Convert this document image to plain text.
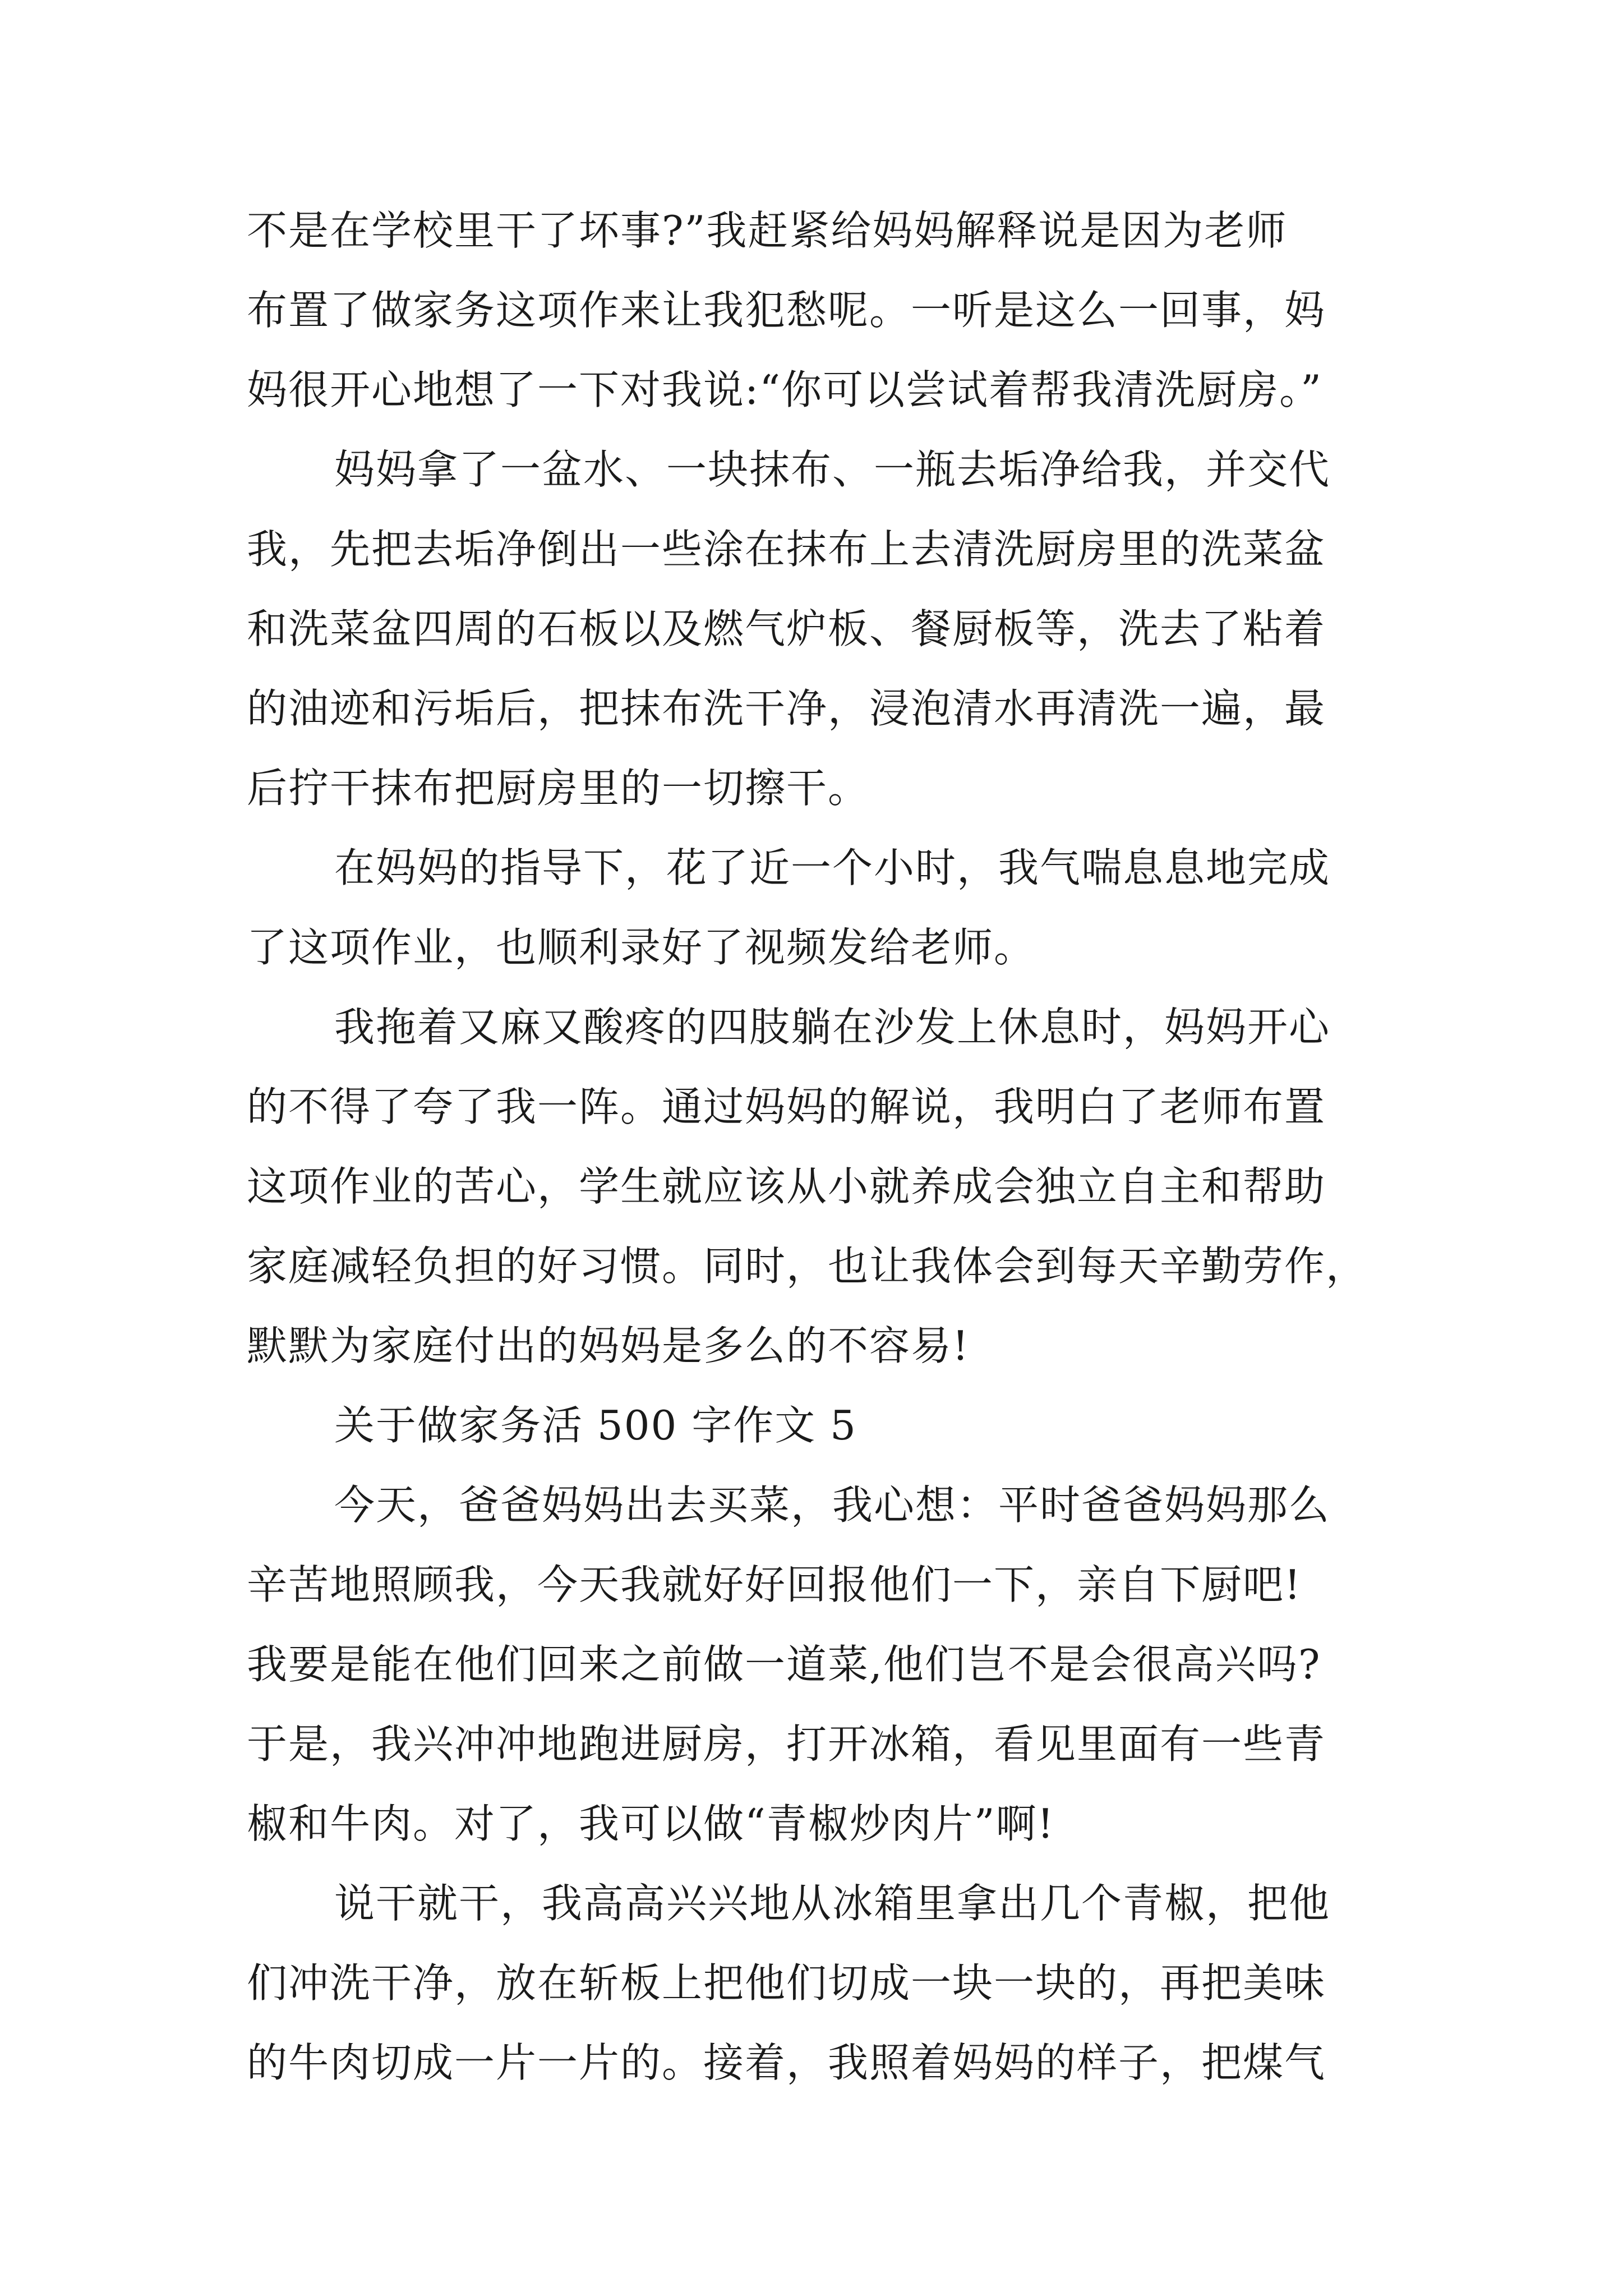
不是在学校里干了坏事?”我赶紧给妈妈解释说是因为老师
布置了做家务这项作来让我犯愁呢。一听是这么一回事，妈
妈很开心地想了一下对我说:“你可以尝试着帮我清洗厨房。”
妈妈拿了一盆水、一块抹布、一瓶去垢净给我，并交代
我，先把去垢净倒出一些涂在抹布上去清洗厨房里的洗菜盆
和洗菜盆四周的石板以及燃气炉板、餐厨板等，洗去了粘着
的油迹和污垢后，把抹布洗干净，浸泡清水再清洗一遍，最
后拧干抹布把厨房里的一切擦干。
在妈妈的指导下，花了近一个小时，我气喘息息地完成
了这项作业，也顺利录好了视频发给老师。
我拖着又麻又酸疼的四肢躺在沙发上休息时，妈妈开心
的不得了夸了我一阵。通过妈妈的解说，我明白了老师布置
这项作业的苦心，学生就应该从小就养成会独立自主和帮助
家庭减轻负担的好习惯。同时，也让我体会到每天辛勤劳作，
默默为家庭付出的妈妈是多么的不容易!
关于做家务活 500 字作文 5
今天，爸爸妈妈出去买菜，我心想：平时爸爸妈妈那么
辛苦地照顾我，今天我就好好回报他们一下，亲自下厨吧!
我要是能在他们回来之前做一道菜,他们岂不是会很高兴吗?
于是，我兴冲冲地跑进厨房，打开冰箱，看见里面有一些青
椒和牛肉。对了，我可以做“青椒炒肉片”啊!
说干就干，我高高兴兴地从冰箱里拿出几个青椒，把他
们冲洗干净，放在斩板上把他们切成一块一块的，再把美味
的牛肉切成一片一片的。接着，我照着妈妈的样子，把煤气
